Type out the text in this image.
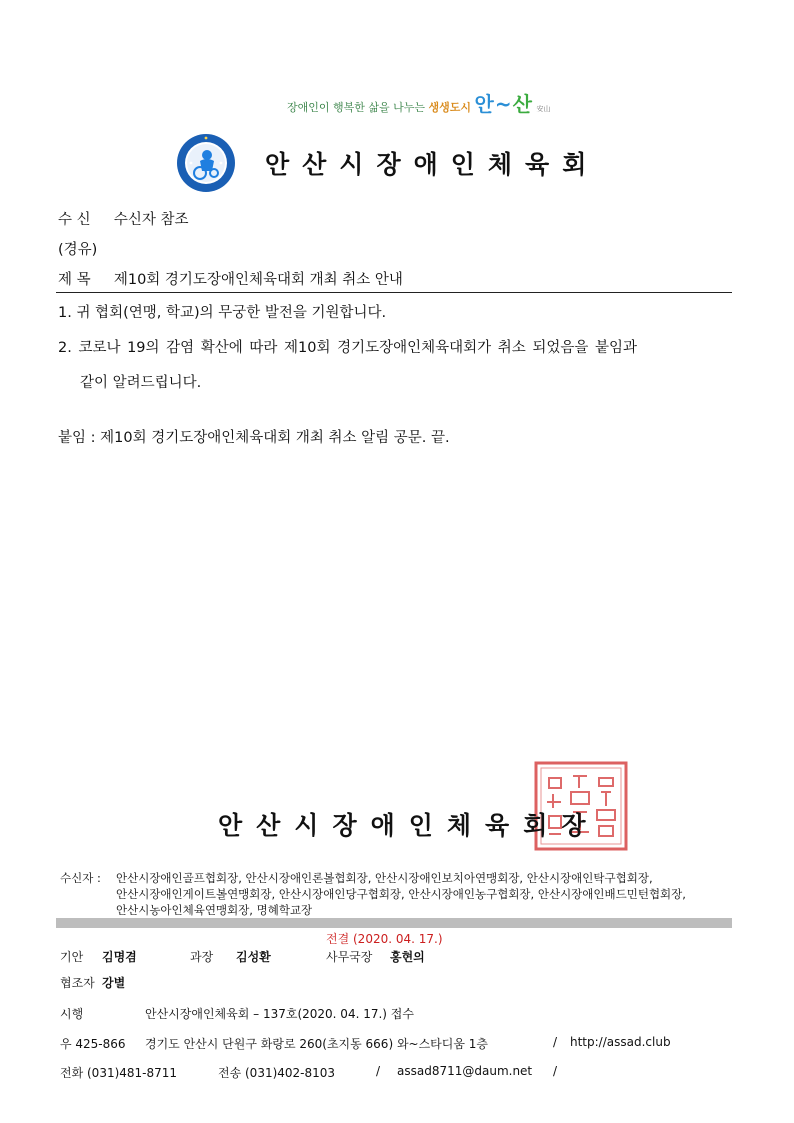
장애인이 행복한 삶을 나누는 생생도시 안~산 安山
안산시장애인체육회
수 신 수신자 참조
(경유)
제 목 제10회 경기도장애인체육대회 개최 취소 안내
1. 귀 협회(연맹, 학교)의 무궁한 발전을 기원합니다.
2. 코로나 19의 감염 확산에 따라 제10회 경기도장애인체육대회가 취소 되었음을 붙임과
같이 알려드립니다.
붙임 : 제10회 경기도장애인체육대회 개최 취소 알림 공문. 끝.
안산시장애인체육회장
수신자 : 안산시장애인골프협회장, 안산시장애인론볼협회장, 안산시장애인보치아연맹회장, 안산시장애인탁구협회장,
안산시장애인게이트볼연맹회장, 안산시장애인당구협회장, 안산시장애인농구협회장, 안산시장애인배드민턴협회장,
안산시농아인체육연맹회장, 명혜학교장
전결 (2020. 04. 17.)
기안 김명겸	과장 김성환	사무국장 홍현의
협조자 강별
시행	안산시장애인체육회 – 137호(2020. 04. 17.) 접수
우 425-866 경기도 안산시 단원구 화랑로 260(초지동 666) 와~스타디움 1층	/ http://assad.club
전화 (031)481-8711	전송 (031)402-8103	/ assad8711@daum.net /
